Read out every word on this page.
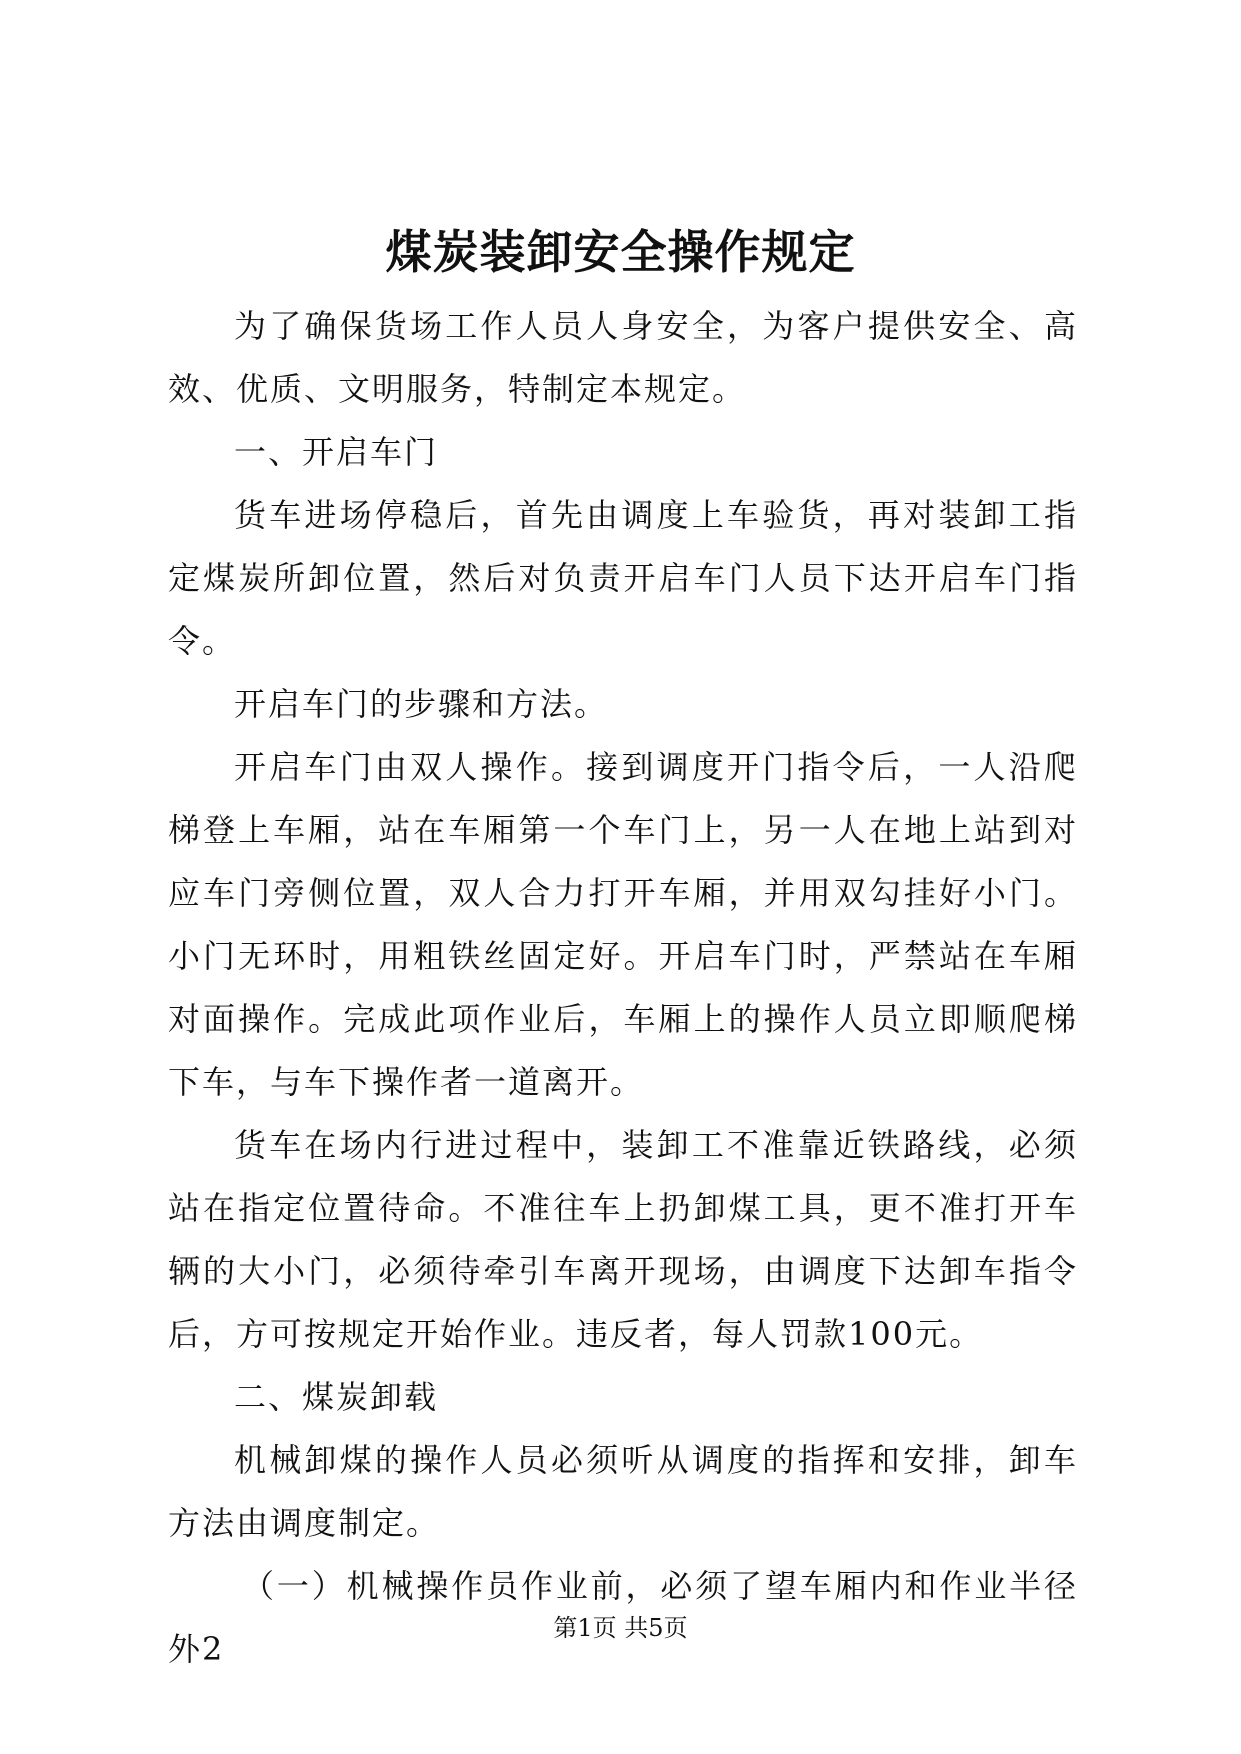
煤炭装卸安全操作规定

为了确保货场工作人员人身安全，为客户提供安全、高效、优质、文明服务，特制定本规定。

一、开启车门

货车进场停稳后，首先由调度上车验货，再对装卸工指定煤炭所卸位置，然后对负责开启车门人员下达开启车门指令。

开启车门的步骤和方法。

开启车门由双人操作。接到调度开门指令后，一人沿爬梯登上车厢，站在车厢第一个车门上，另一人在地上站到对应车门旁侧位置，双人合力打开车厢，并用双勾挂好小门。小门无环时，用粗铁丝固定好。开启车门时，严禁站在车厢对面操作。完成此项作业后，车厢上的操作人员立即顺爬梯下车，与车下操作者一道离开。

货车在场内行进过程中，装卸工不准靠近铁路线，必须站在指定位置待命。不准往车上扔卸煤工具，更不准打开车辆的大小门，必须待牵引车离开现场，由调度下达卸车指令后，方可按规定开始作业。违反者，每人罚款100元。

二、煤炭卸载

机械卸煤的操作人员必须听从调度的指挥和安排，卸车方法由调度制定。

（一）机械操作员作业前，必须了望车厢内和作业半径外2

第1页 共5页
